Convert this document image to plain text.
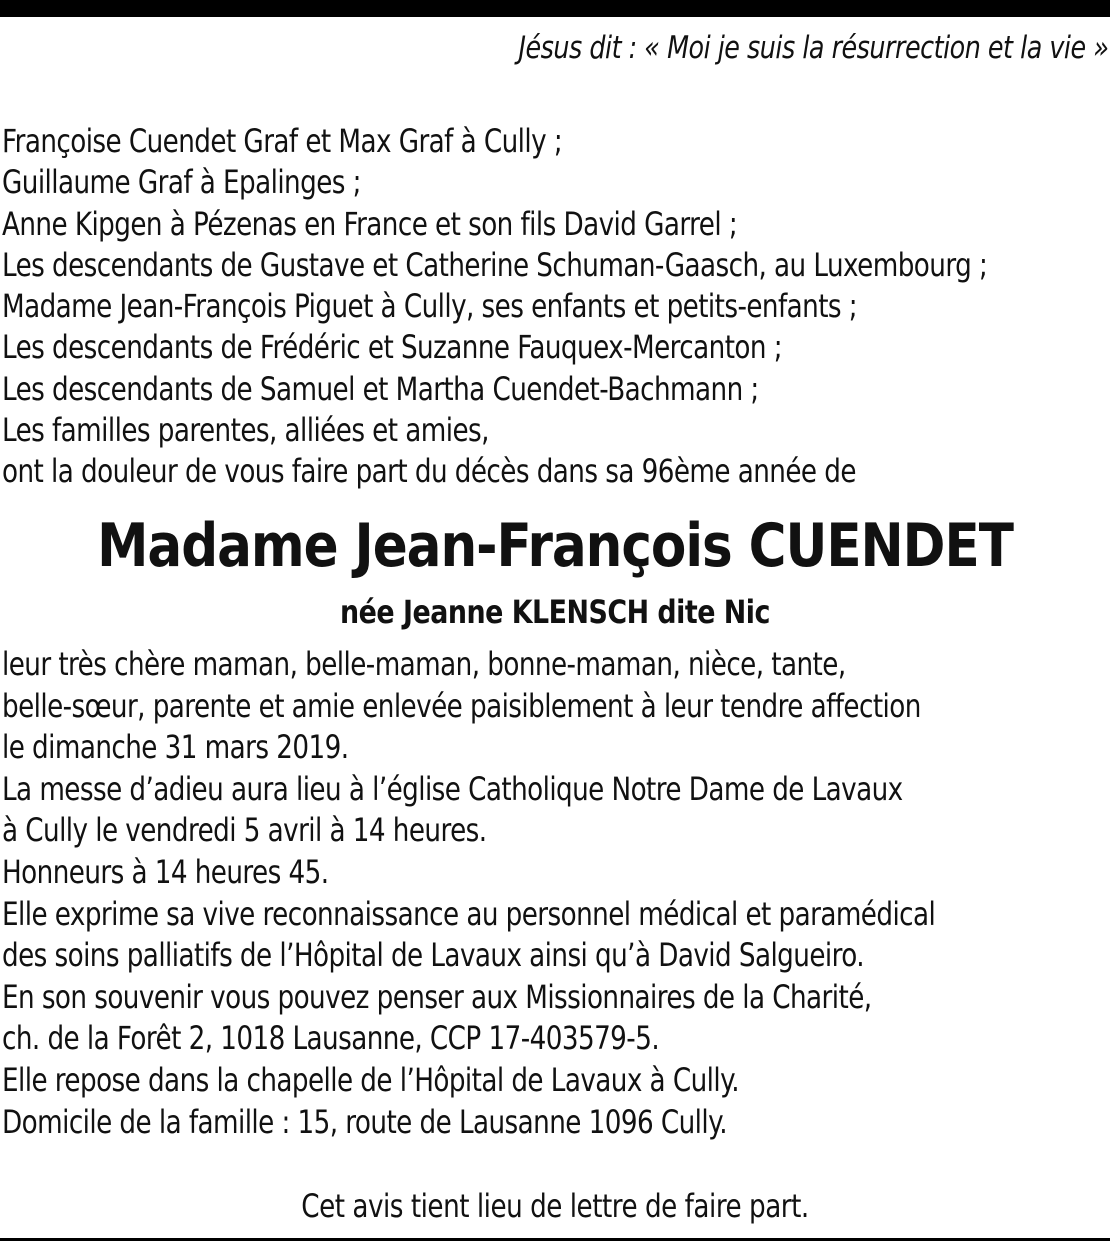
Jésus dit : « Moi je suis la résurrection et la vie »
Françoise Cuendet Graf et Max Graf à Cully ;
Guillaume Graf à Epalinges ;
Anne Kipgen à Pézenas en France et son fils David Garrel ;
Les descendants de Gustave et Catherine Schuman-Gaasch, au Luxembourg ;
Madame Jean-François Piguet à Cully, ses enfants et petits-enfants ;
Les descendants de Frédéric et Suzanne Fauquex-Mercanton ;
Les descendants de Samuel et Martha Cuendet-Bachmann ;
Les familles parentes, alliées et amies,
ont la douleur de vous faire part du décès dans sa 96ème année de
Madame Jean-François CUENDET
née Jeanne KLENSCH dite Nic
leur très chère maman, belle-maman, bonne-maman, nièce, tante,
belle-sœur, parente et amie enlevée paisiblement à leur tendre affection
le dimanche 31 mars 2019.
La messe d’adieu aura lieu à l’église Catholique Notre Dame de Lavaux
à Cully le vendredi 5 avril à 14 heures.
Honneurs à 14 heures 45.
Elle exprime sa vive reconnaissance au personnel médical et paramédical
des soins palliatifs de l’Hôpital de Lavaux ainsi qu’à David Salgueiro.
En son souvenir vous pouvez penser aux Missionnaires de la Charité,
ch. de la Forêt 2, 1018 Lausanne, CCP 17-403579-5.
Elle repose dans la chapelle de l’Hôpital de Lavaux à Cully.
Domicile de la famille : 15, route de Lausanne 1096 Cully.
Cet avis tient lieu de lettre de faire part.
